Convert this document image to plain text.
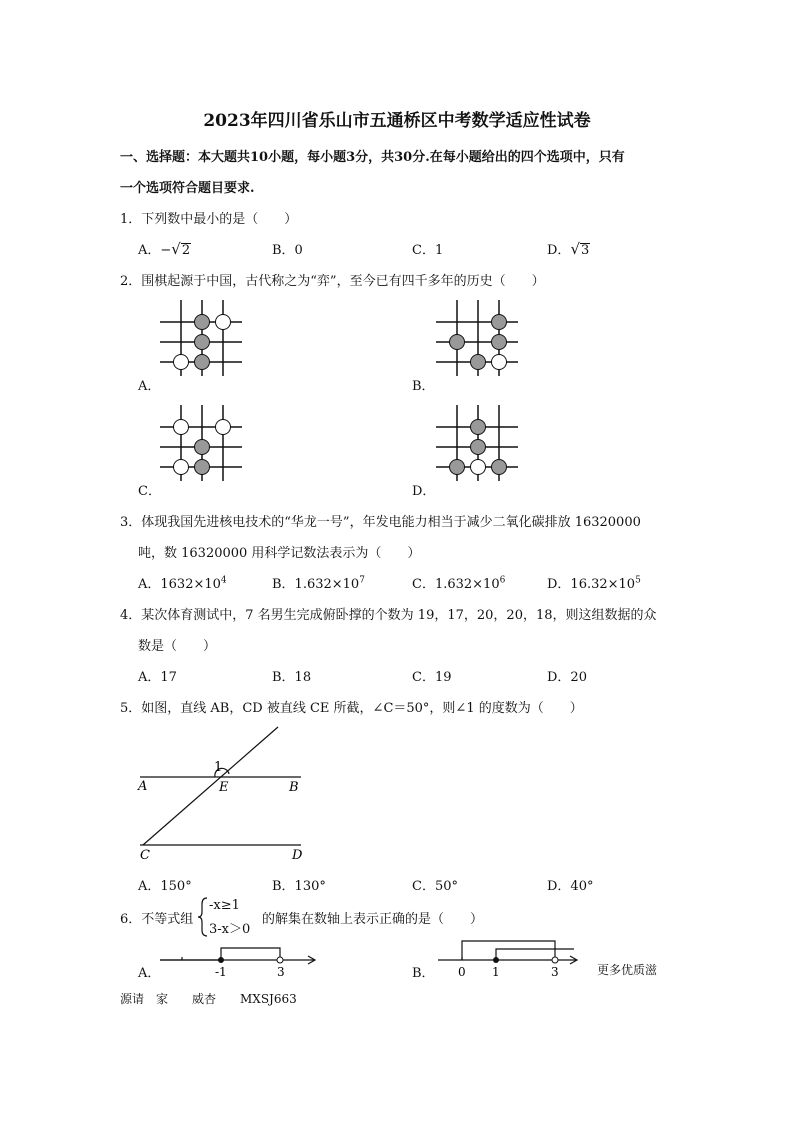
2023年四川省乐山市五通桥区中考数学适应性试卷
一、选择题：本大题共10小题，每小题3分，共30分.在每小题给出的四个选项中，只有
一个选项符合题目要求.
1．下列数中最小的是（　　）
A．−√2	B．0	C．1	D．√3
2．围棋起源于中国，古代称之为“弈”，至今已有四千多年的历史（　　）
A．	B．
C．	D．
3．体现我国先进核电技术的“华龙一号”，年发电能力相当于减少二氧化碳排放 16320000
吨，数 16320000 用科学记数法表示为（　　）
A．$1632\times 10^4$	B．$1.632\times 10^7$	C．$1.632\times 10^6$	D．$16.32\times 10^5$
4．某次体育测试中，7 名男生完成俯卧撑的个数为 19，17，20，20，18，则这组数据的众
数是（　　）
A．17	B．18	C．19	D．20
5．如图，直线 AB，CD 被直线 CE 所截，∠C＝50°，则∠1 的度数为（　　）
1
A	E	B
C	D
A．150°	B．130°	C．50°	D．40°
6．不等式组
-x≥1
3-x＞0
的解集在数轴上表示正确的是（　　）
A．	-1	3	B． 0 1	3	更多优质滋
源请　家　　威杏　　MXSJ663
